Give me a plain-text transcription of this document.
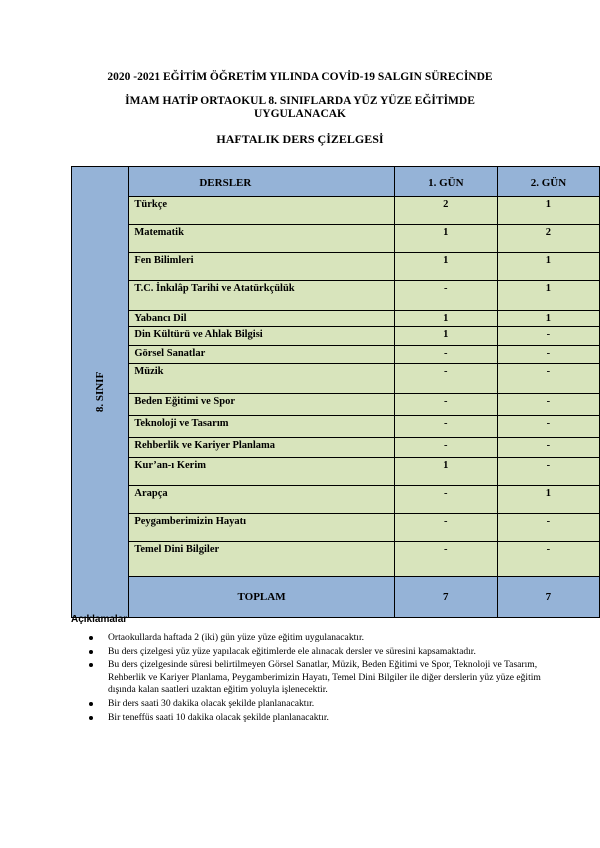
2020 -2021 EĞİTİM ÖĞRETİM YILINDA COVİD-19 SALGIN SÜRECİNDE
İMAM HATİP ORTAOKUL 8. SINIFLARDA YÜZ YÜZE EĞİTİMDE
UYGULANACAK
HAFTALIK DERS ÇİZELGESİ
8. SINIF	DERSLER	1. GÜN	2. GÜN
	Türkçe	2	1
	Matematik	1	2
	Fen Bilimleri	1	1
	T.C. İnkılâp Tarihi ve Atatürkçülük	-	1
	Yabancı Dil	1	1
	Din Kültürü ve Ahlak Bilgisi	1	-
	Görsel Sanatlar	-	-
	Müzik	-	-
	Beden Eğitimi ve Spor	-	-
	Teknoloji ve Tasarım	-	-
	Rehberlik ve Kariyer Planlama	-	-
	Kur’an-ı Kerim	1	-
	Arapça	-	1
	Peygamberimizin Hayatı	-	-
	Temel Dini Bilgiler	-	-
	TOPLAM	7	7
Açıklamalar
Ortaokullarda haftada 2 (iki) gün yüze yüze eğitim uygulanacaktır.
Bu ders çizelgesi yüz yüze yapılacak eğitimlerde ele alınacak dersler ve süresini kapsamaktadır.
Bu ders çizelgesinde süresi belirtilmeyen Görsel Sanatlar, Müzik, Beden Eğitimi ve Spor, Teknoloji ve Tasarım, Rehberlik ve Kariyer Planlama, Peygamberimizin Hayatı, Temel Dini Bilgiler ile diğer derslerin yüz yüze eğitim dışında kalan saatleri uzaktan eğitim yoluyla işlenecektir.
Bir ders saati 30 dakika olacak şekilde planlanacaktır.
Bir teneffüs saati 10 dakika olacak şekilde planlanacaktır.
